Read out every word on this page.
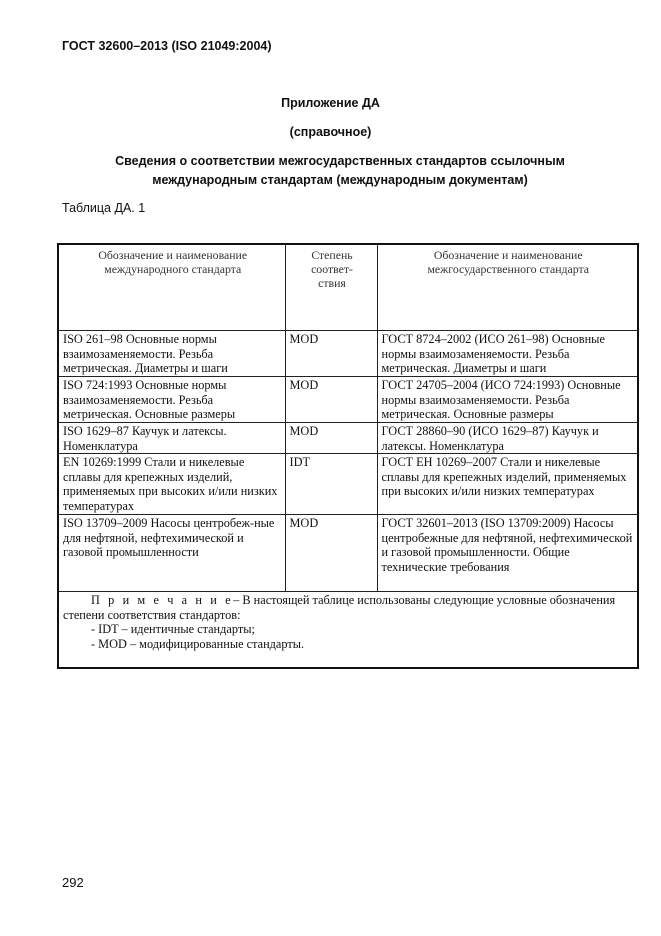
ГОСТ 32600–2013 (ISO 21049:2004)
Приложение ДА
(справочное)
Сведения о соответствии межгосударственных стандартов ссылочным международным стандартам (международным документам)
Таблица ДА. 1
Обозначение и наименование международного стандарта	Степень соответ-ствия	Обозначение и наименование межгосударственного стандарта
ISO 261–98 Основные нормы взаимозаменяемости. Резьба метрическая. Диаметры и шаги	MOD	ГОСТ 8724–2002 (ИСО 261–98) Основные нормы взаимозаменяемости. Резьба метрическая. Диаметры и шаги
ISO 724:1993 Основные нормы взаимозаменяемости. Резьба метрическая. Основные размеры	MOD	ГОСТ 24705–2004 (ИСО 724:1993) Основные нормы взаимозаменяемости. Резьба метрическая. Основные размеры
ISO 1629–87 Каучук и латексы. Номенклатура	MOD	ГОСТ 28860–90 (ИСО 1629–87) Каучук и латексы. Номенклатура
EN 10269:1999 Стали и никелевые сплавы для крепежных изделий, применяемых при высоких и/или низких температурах	IDT	ГОСТ ЕН 10269–2007 Стали и никелевые сплавы для крепежных изделий, применяемых при высоких и/или низких температурах
ISO 13709–2009 Насосы центробеж-ные для нефтяной, нефтехимической и газовой промышленности	MOD	ГОСТ 32601–2013 (ISO 13709:2009) Насосы центробежные для нефтяной, нефтехимической и газовой промышленности. Общие технические требования

П р и м е ч а н и е– В настоящей таблице использованы следующие условные обозначения степени соответствия стандартов:
- IDT – идентичные стандарты;
- MOD – модифицированные стандарты.		
292
